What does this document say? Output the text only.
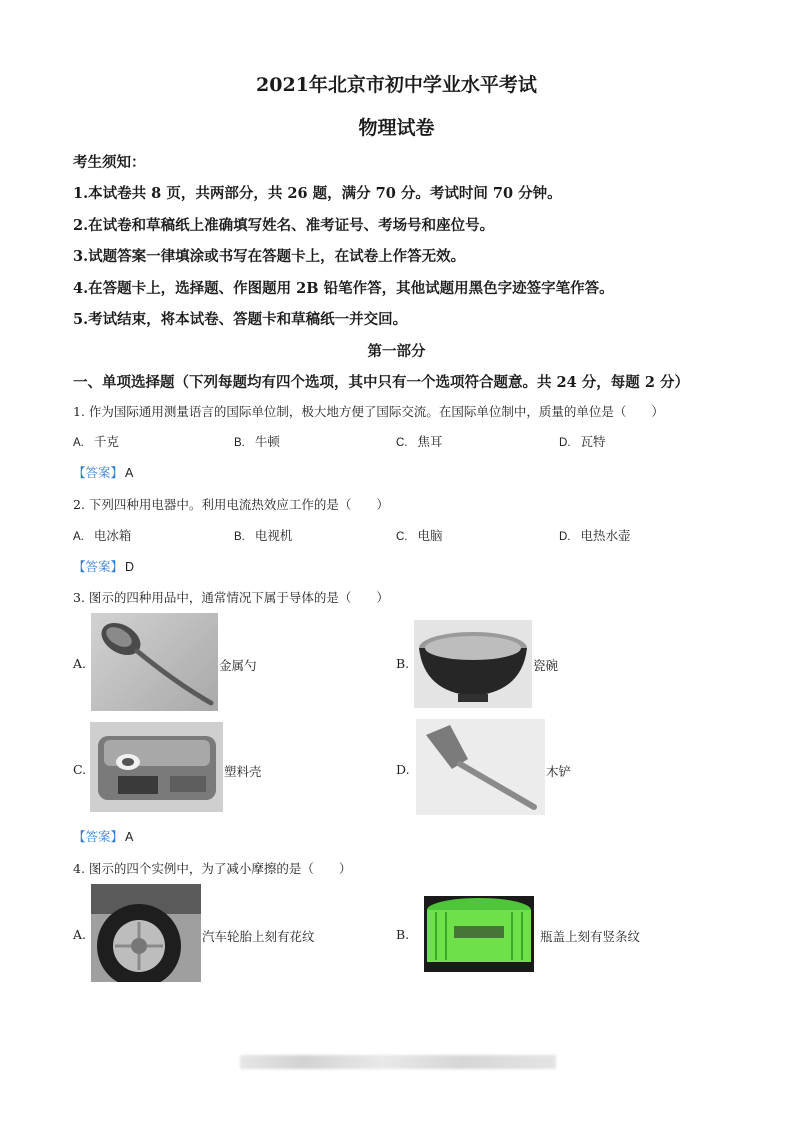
2021年北京市初中学业水平考试
物理试卷
考生须知：
1.本试卷共 8 页，共两部分，共 26 题，满分 70 分。考试时间 70 分钟。
2.在试卷和草稿纸上准确填写姓名、准考证号、考场号和座位号。
3.试题答案一律填涂或书写在答题卡上，在试卷上作答无效。
4.在答题卡上，选择题、作图题用 2B 铅笔作答，其他试题用黑色字迹签字笔作答。
5.考试结束，将本试卷、答题卡和草稿纸一并交回。
第一部分
一、单项选择题（下列每题均有四个选项，其中只有一个选项符合题意。共 24 分，每题 2 分）
1. 作为国际通用测量语言的国际单位制，极大地方便了国际交流。在国际单位制中，质量的单位是（　　）
A. 千克	B. 牛顿	C. 焦耳	D. 瓦特
【答案】 A
2. 下列四种用电器中。利用电流热效应工作的是（　　）
A. 电冰箱	B. 电视机	C. 电脑	D. 电热水壶
【答案】 D
3. 图示的四种用品中，通常情况下属于导体的是（　　）
A.	金属勺	B.	瓷碗
C.	塑料壳	D.	木铲
【答案】 A
4. 图示的四个实例中，为了减小摩擦的是（　　）
A.	汽车轮胎上刻有花纹	B.	瓶盖上刻有竖条纹
